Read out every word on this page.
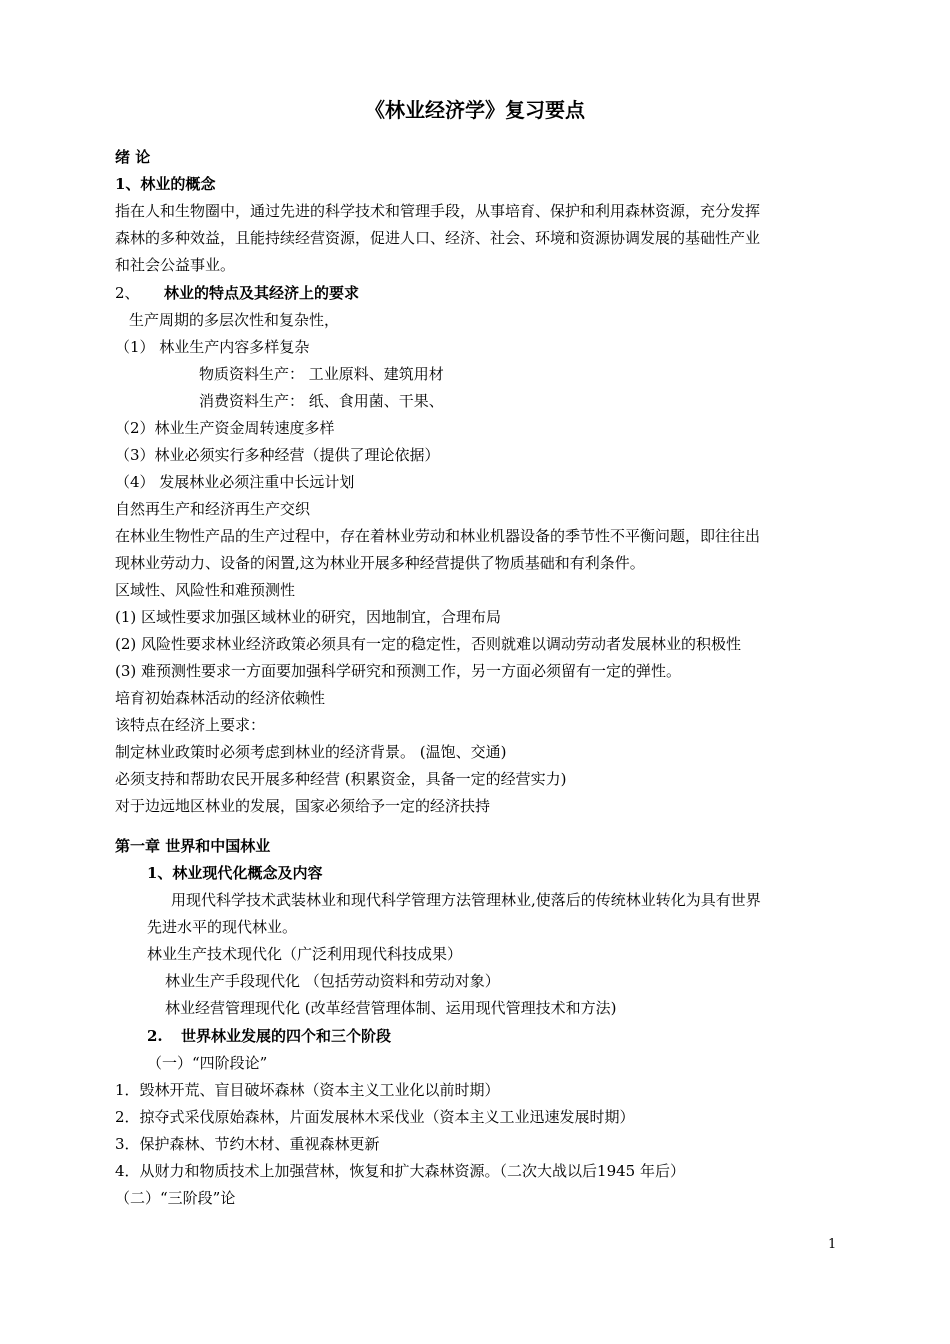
《林业经济学》复习要点
绪 论
1、林业的概念
指在人和生物圈中，通过先进的科学技术和管理手段，从事培育、保护和利用森林资源，充分发挥
森林的多种效益，且能持续经营资源，促进人口、经济、社会、环境和资源协调发展的基础性产业
和社会公益事业。
2、 林业的特点及其经济上的要求
生产周期的多层次性和复杂性，
（1） 林业生产内容多样复杂
物质资料生产： 工业原料、建筑用材
消费资料生产： 纸、食用菌、干果、
（2）林业生产资金周转速度多样
（3）林业必须实行多种经营（提供了理论依据）
（4） 发展林业必须注重中长远计划
自然再生产和经济再生产交织
在林业生物性产品的生产过程中，存在着林业劳动和林业机器设备的季节性不平衡问题，即往往出
现林业劳动力、设备的闲置,这为林业开展多种经营提供了物质基础和有利条件。
区域性、风险性和难预测性
(1) 区域性要求加强区域林业的研究，因地制宜，合理布局
(2) 风险性要求林业经济政策必须具有一定的稳定性，否则就难以调动劳动者发展林业的积极性
(3) 难预测性要求一方面要加强科学研究和预测工作，另一方面必须留有一定的弹性。
培育初始森林活动的经济依赖性
该特点在经济上要求：
制定林业政策时必须考虑到林业的经济背景。 (温饱、交通)
必须支持和帮助农民开展多种经营 (积累资金，具备一定的经营实力)
对于边远地区林业的发展，国家必须给予一定的经济扶持
第一章 世界和中国林业
1、林业现代化概念及内容
用现代科学技术武装林业和现代科学管理方法管理林业,使落后的传统林业转化为具有世界
先进水平的现代林业。
林业生产技术现代化（广泛利用现代科技成果）
林业生产手段现代化 （包括劳动资料和劳动对象）
林业经营管理现代化 (改革经营管理体制、运用现代管理技术和方法)
2. 世界林业发展的四个和三个阶段
（一）“四阶段论”
1．毁林开荒、盲目破坏森林（资本主义工业化以前时期）
2．掠夺式采伐原始森林，片面发展林木采伐业（资本主义工业迅速发展时期）
3．保护森林、节约木材、重视森林更新
4．从财力和物质技术上加强营林，恢复和扩大森林资源。（二次大战以后1945 年后）
（二）“三阶段”论
1
